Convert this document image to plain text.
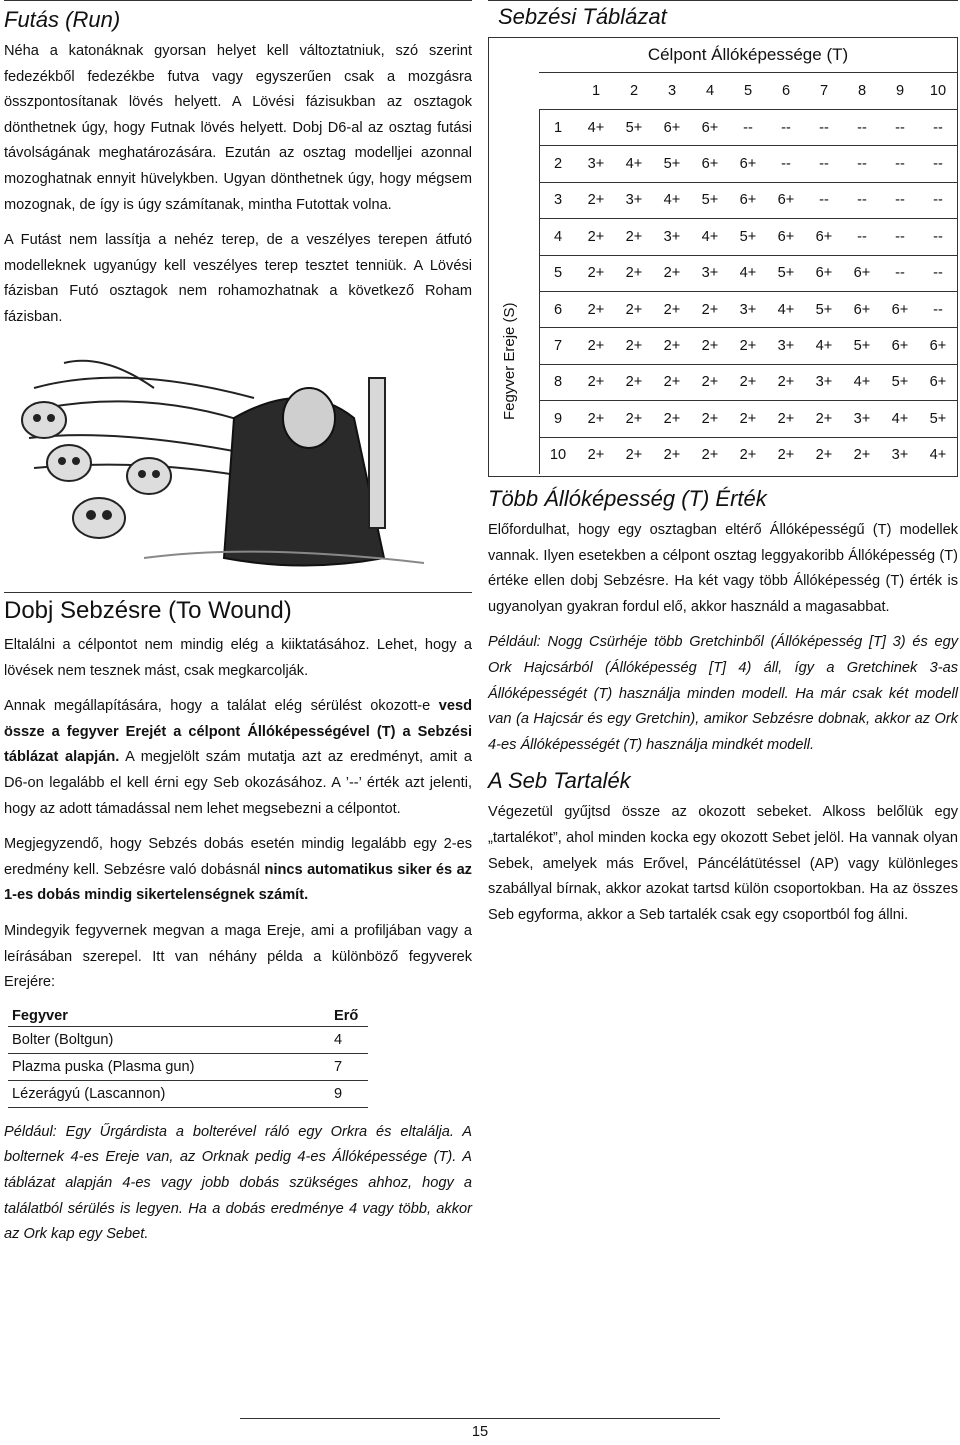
Futás (Run)

Néha a katonáknak gyorsan helyet kell változtatniuk, szó szerint fedezékből fedezékbe futva vagy egyszerűen csak a mozgásra összpontosítanak lövés helyett. A Lövési fázisukban az osztagok dönthetnek úgy, hogy Futnak lövés helyett. Dobj D6-al az osztag futási távolságának meghatározására. Ezután az osztag modelljei azonnal mozoghatnak ennyit hüvelykben. Ugyan dönthetnek úgy, hogy mégsem mozognak, de így is úgy számítanak, mintha Futottak volna.

A Futást nem lassítja a nehéz terep, de a veszélyes terepen átfutó modelleknek ugyanúgy kell veszélyes terep tesztet tenniük. A Lövési fázisban Futó osztagok nem rohamozhatnak a következő Roham fázisban.

Dobj Sebzésre (To Wound)

Eltalálni a célpontot nem mindig elég a kiiktatásához. Lehet, hogy a lövések nem tesznek mást, csak megkarcolják.

Annak megállapítására, hogy a találat elég sérülést okozott-e vesd össze a fegyver Erejét a célpont Állóképességével (T) a Sebzési táblázat alapján. A megjelölt szám mutatja azt az eredményt, amit a D6-on legalább el kell érni egy Seb okozásához. A ’--’ érték azt jelenti, hogy az adott támadással nem lehet megsebezni a célpontot.

Megjegyzendő, hogy Sebzés dobás esetén mindig legalább egy 2-es eredmény kell. Sebzésre való dobásnál nincs automatikus siker és az 1-es dobás mindig sikertelenségnek számít.

Mindegyik fegyvernek megvan a maga Ereje, ami a profiljában vagy a leírásában szerepel. Itt van néhány példa a különböző fegyverek Erejére:

Fegyver	Erő
Bolter (Boltgun)	4
Plazma puska (Plasma gun)	7
Lézerágyú (Lascannon)	9

Például: Egy Űrgárdista a bolterével ráló egy Orkra és eltalálja. A bolternek 4-es Ereje van, az Orknak pedig 4-es Állóképessége (T). A táblázat alapján 4-es vagy jobb dobás szükséges ahhoz, hogy a találatból sérülés is legyen. Ha a dobás eredménye 4 vagy több, akkor az Ork kap egy Sebet.

Sebzési Táblázat
Célpont Állóképessége (T)
Fegyver Ereje (S)
	1	2	3	4	5	6	7	8	9	10
1	4+	5+	6+	6+	--	--	--	--	--	--
2	3+	4+	5+	6+	6+	--	--	--	--	--
3	2+	3+	4+	5+	6+	6+	--	--	--	--
4	2+	2+	3+	4+	5+	6+	6+	--	--	--
5	2+	2+	2+	3+	4+	5+	6+	6+	--	--
6	2+	2+	2+	2+	3+	4+	5+	6+	6+	--
7	2+	2+	2+	2+	2+	3+	4+	5+	6+	6+
8	2+	2+	2+	2+	2+	2+	3+	4+	5+	6+
9	2+	2+	2+	2+	2+	2+	2+	3+	4+	5+
10	2+	2+	2+	2+	2+	2+	2+	2+	3+	4+
Több Állóképesség (T) Érték

Előfordulhat, hogy egy osztagban eltérő Állóképességű (T) modellek vannak. Ilyen esetekben a célpont osztag leggyakoribb Állóképesség (T) értéke ellen dobj Sebzésre. Ha két vagy több Állóképesség (T) érték is ugyanolyan gyakran fordul elő, akkor használd a magasabbat.

Például: Nogg Csürhéje több Gretchinből (Állóképesség [T] 3) és egy Ork Hajcsárból (Állóképesség [T] 4) áll, így a Gretchinek 3-as Állóképességét (T) használja minden modell. Ha már csak két modell van (a Hajcsár és egy Gretchin), amikor Sebzésre dobnak, akkor az Ork 4-es Állóképességét (T) használja mindkét modell.

A Seb Tartalék

Végezetül gyűjtsd össze az okozott sebeket. Alkoss belőlük egy „tartalékot”, ahol minden kocka egy okozott Sebet jelöl. Ha vannak olyan Sebek, amelyek más Erővel, Páncélátütéssel (AP) vagy különleges szabállyal bírnak, akkor azokat tartsd külön csoportokban. Ha az összes Seb egyforma, akkor a Seb tartalék csak egy csoportból fog állni.

15
